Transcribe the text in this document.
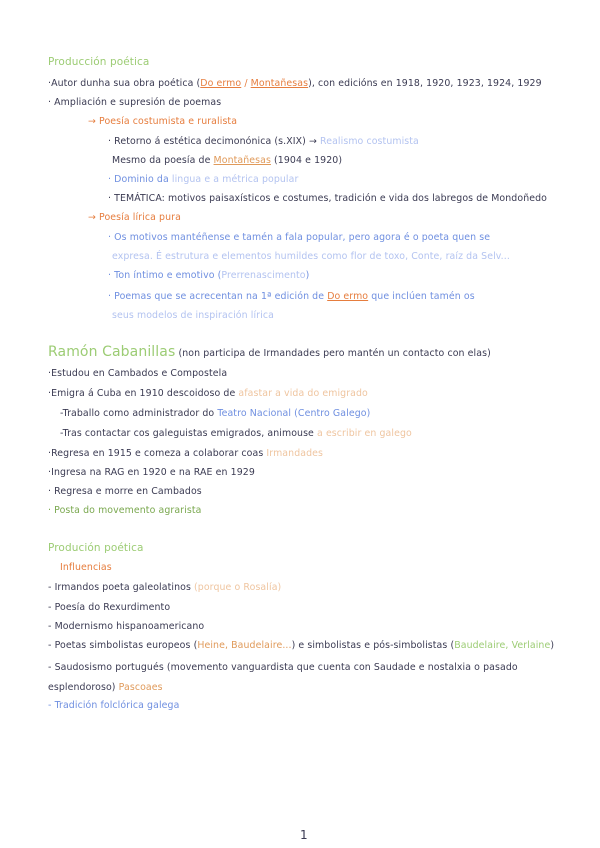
Producción poética
·Autor dunha sua obra poética (Do ermo / Montañesas), con edicións en 1918, 1920, 1923, 1924, 1929
· Ampliación e supresión de poemas
→ Poesía costumista e ruralista
· Retorno á estética decimonónica (s.XIX) → Realismo costumista
Mesmo da poesía de Montañesas (1904 e 1920)
· Dominio da lingua e a métrica popular
· TEMÁTICA: motivos paisaxísticos e costumes, tradición e vida dos labregos de Mondoñedo
→ Poesía lírica pura
· Os motivos mantéñense e tamén a fala popular, pero agora é o poeta quen se
expresa. É estrutura e elementos humildes como flor de toxo, Conte, raíz da Selv...
· Ton íntimo e emotivo (Prerrenascimento)
· Poemas que se acrecentan na 1ª edición de Do ermo que inclúen tamén os
seus modelos de inspiración lírica
Ramón Cabanillas (non participa de Irmandades pero mantén un contacto con elas)
·Estudou en Cambados e Compostela
·Emigra á Cuba en 1910 descoidoso de afastar a vida do emigrado
-Traballo como administrador do Teatro Nacional (Centro Galego)
-Tras contactar cos galeguistas emigrados, animouse a escribir en galego
·Regresa en 1915 e comeza a colaborar coas Irmandades
·Ingresa na RAG en 1920 e na RAE en 1929
· Regresa e morre en Cambados
· Posta do movemento agrarista
Produción poética
Influencias
- Irmandos poeta galeolatinos (porque o Rosalía)
- Poesía do Rexurdimento
- Modernismo hispanoamericano
- Poetas simbolistas europeos (Heine, Baudelaire...) e simbolistas e pós-simbolistas (Baudelaire, Verlaine)
- Saudosismo portugués (movemento vanguardista que cuenta con Saudade e nostalxia o pasado
esplendoroso) Pascoaes
- Tradición folclórica galega
1
